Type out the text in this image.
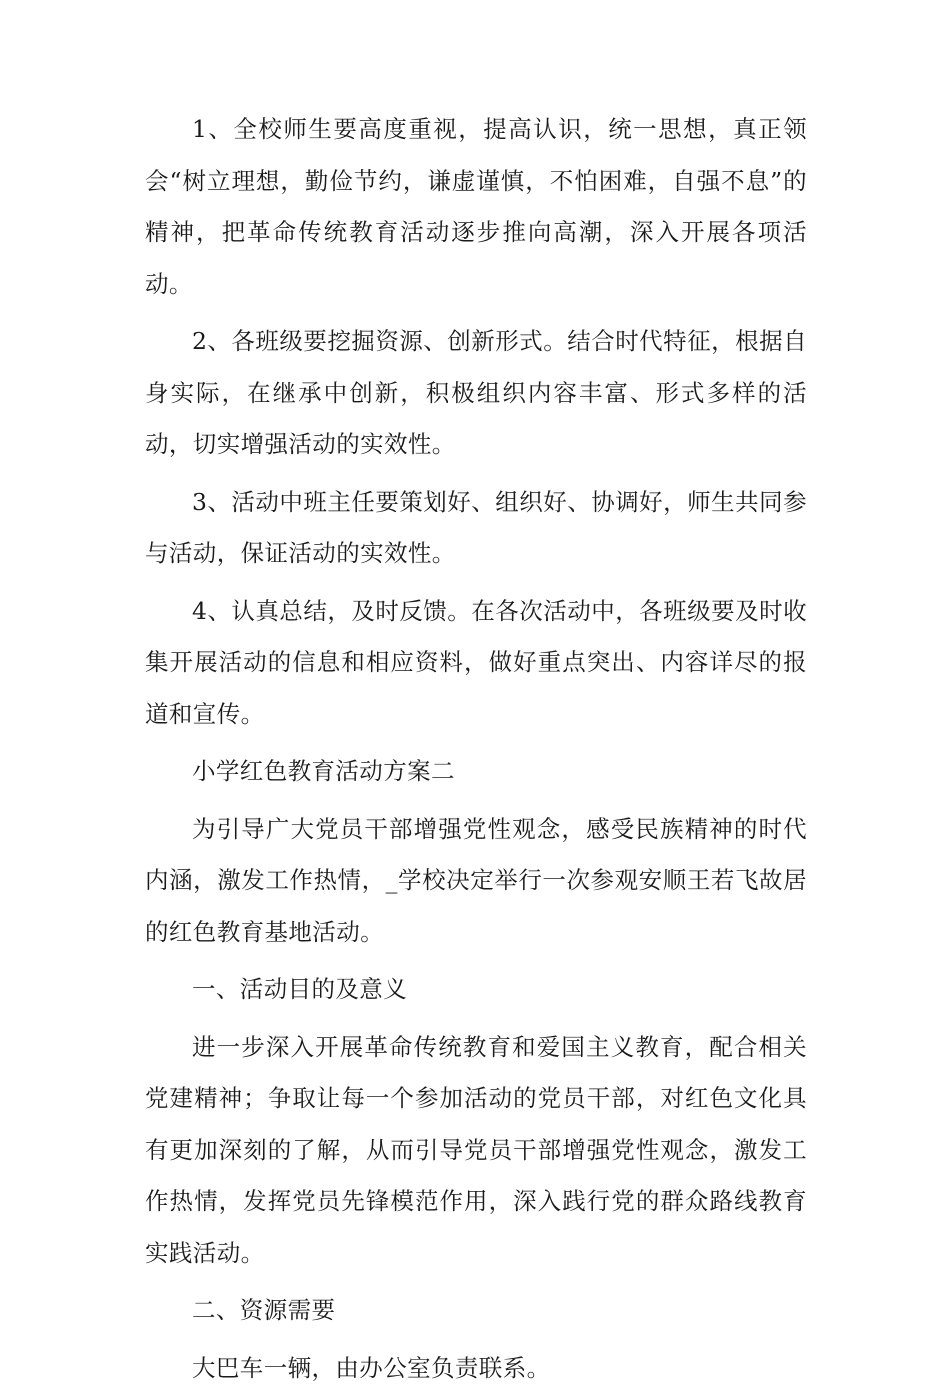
1、全校师生要高度重视，提高认识，统一思想，真正领会“树立理想，勤俭节约，谦虚谨慎，不怕困难，自强不息”的精神，把革命传统教育活动逐步推向高潮，深入开展各项活动。

2、各班级要挖掘资源、创新形式。结合时代特征，根据自身实际，在继承中创新，积极组织内容丰富、形式多样的活动，切实增强活动的实效性。

3、活动中班主任要策划好、组织好、协调好，师生共同参与活动，保证活动的实效性。

4、认真总结，及时反馈。在各次活动中，各班级要及时收集开展活动的信息和相应资料，做好重点突出、内容详尽的报道和宣传。

小学红色教育活动方案二

为引导广大党员干部增强党性观念，感受民族精神的时代内涵，激发工作热情，_学校决定举行一次参观安顺王若飞故居的红色教育基地活动。

一、活动目的及意义

进一步深入开展革命传统教育和爱国主义教育，配合相关党建精神；争取让每一个参加活动的党员干部，对红色文化具有更加深刻的了解，从而引导党员干部增强党性观念，激发工作热情，发挥党员先锋模范作用，深入践行党的群众路线教育实践活动。

二、资源需要

大巴车一辆，由办公室负责联系。
